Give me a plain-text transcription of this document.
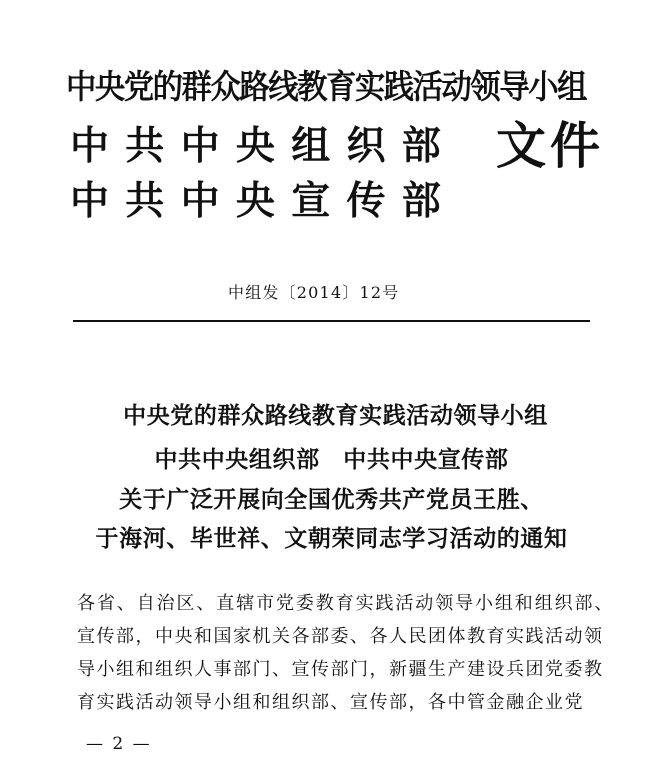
中央党的群众路线教育实践活动领导小组
中共中央组织部
中共中央宣传部
文件
中组发〔2014〕12号
中央党的群众路线教育实践活动领导小组
中共中央组织部　中共中央宣传部
关于广泛开展向全国优秀共产党员王胜、
于海河、毕世祥、文朝荣同志学习活动的通知
各省、自治区、直辖市党委教育实践活动领导小组和组织部、
宣传部，中央和国家机关各部委、各人民团体教育实践活动领
导小组和组织人事部门、宣传部门，新疆生产建设兵团党委教
育实践活动领导小组和组织部、宣传部，各中管金融企业党
— 2 —
